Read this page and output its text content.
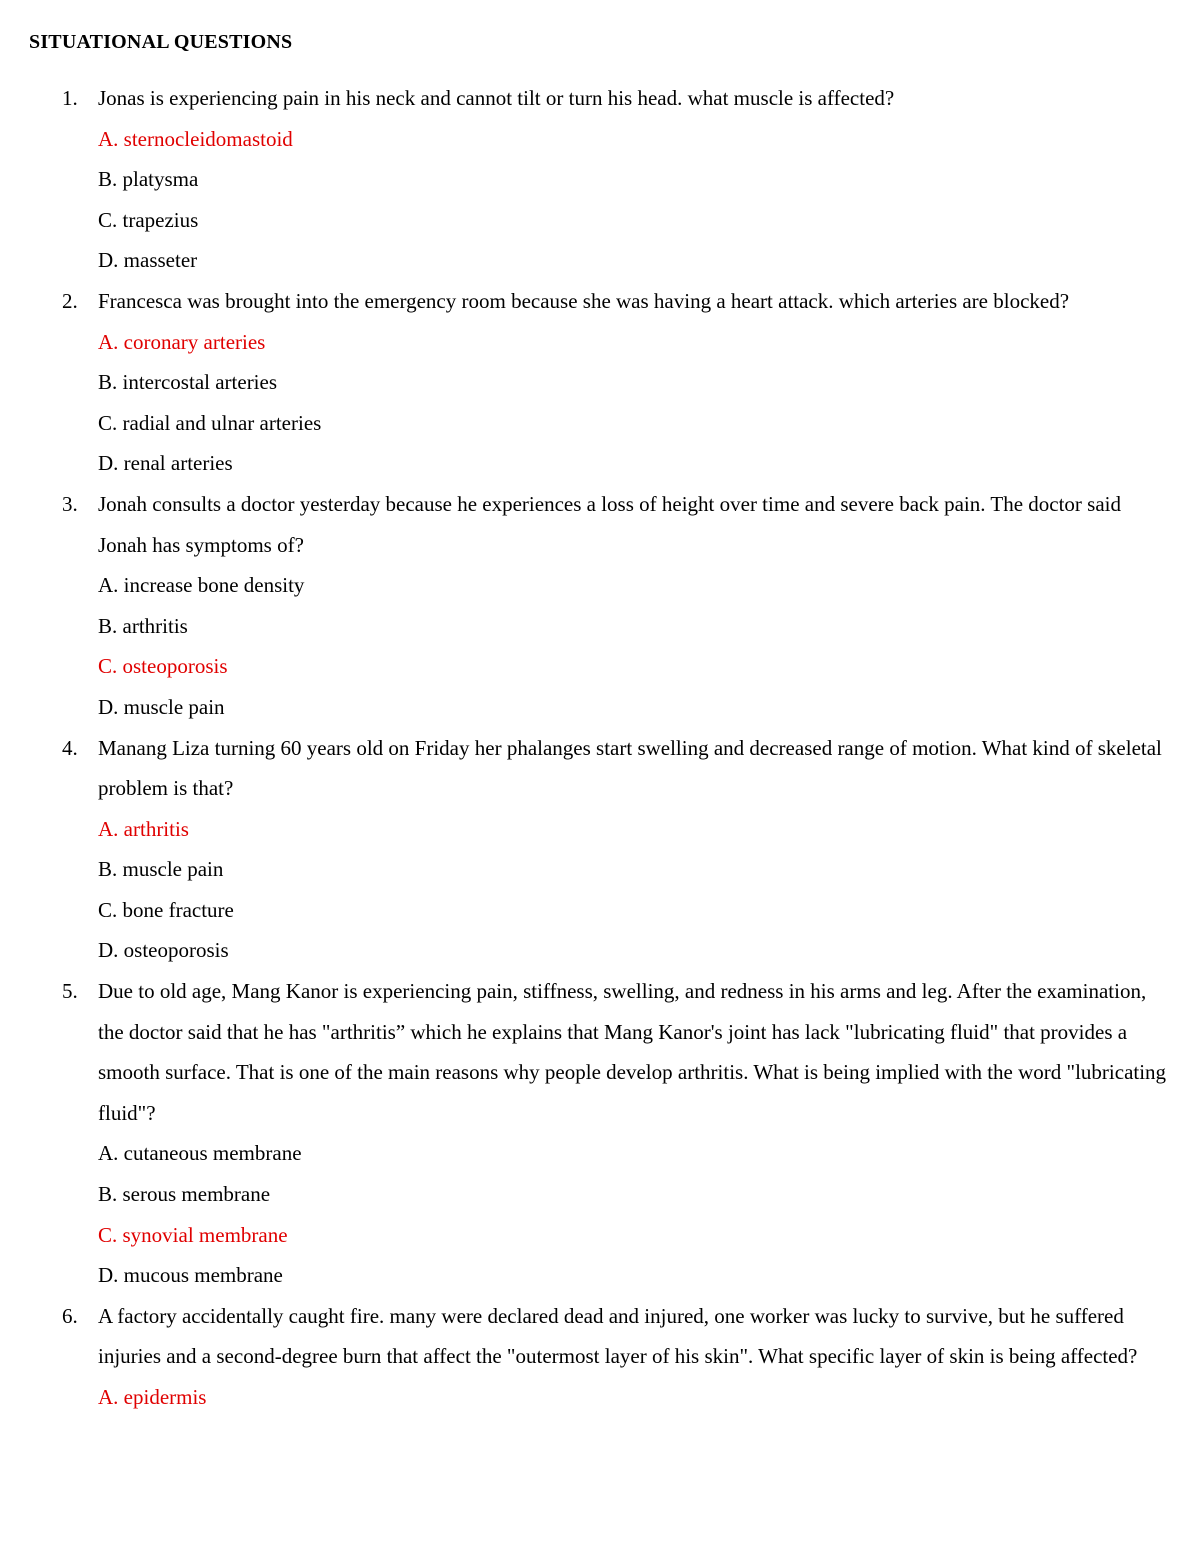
SITUATIONAL QUESTIONS
1. Jonas is experiencing pain in his neck and cannot tilt or turn his head. what muscle is affected?

A. sternocleidomastoid
B. platysma
C. trapezius
D. masseter
2. Francesca was brought into the emergency room because she was having a heart attack. which arteries are blocked?

A. coronary arteries
B. intercostal arteries
C. radial and ulnar arteries
D. renal arteries
3. Jonah consults a doctor yesterday because he experiences a loss of height over time and severe back pain. The doctor said Jonah has symptoms of?

A. increase bone density
B. arthritis
C. osteoporosis
D. muscle pain
4. Manang Liza turning 60 years old on Friday her phalanges start swelling and decreased range of motion. What kind of skeletal problem is that?

A. arthritis
B. muscle pain
C. bone fracture
D. osteoporosis
5. Due to old age, Mang Kanor is experiencing pain, stiffness, swelling, and redness in his arms and leg. After the examination, the doctor said that he has "arthritis” which he explains that Mang Kanor's joint has lack "lubricating fluid" that provides a smooth surface. That is one of the main reasons why people develop arthritis. What is being implied with the word "lubricating fluid"?

A. cutaneous membrane
B. serous membrane
C. synovial membrane
D. mucous membrane
6. A factory accidentally caught fire. many were declared dead and injured, one worker was lucky to survive, but he suffered injuries and a second-degree burn that affect the "outermost layer of his skin". What specific layer of skin is being affected?

A. epidermis
